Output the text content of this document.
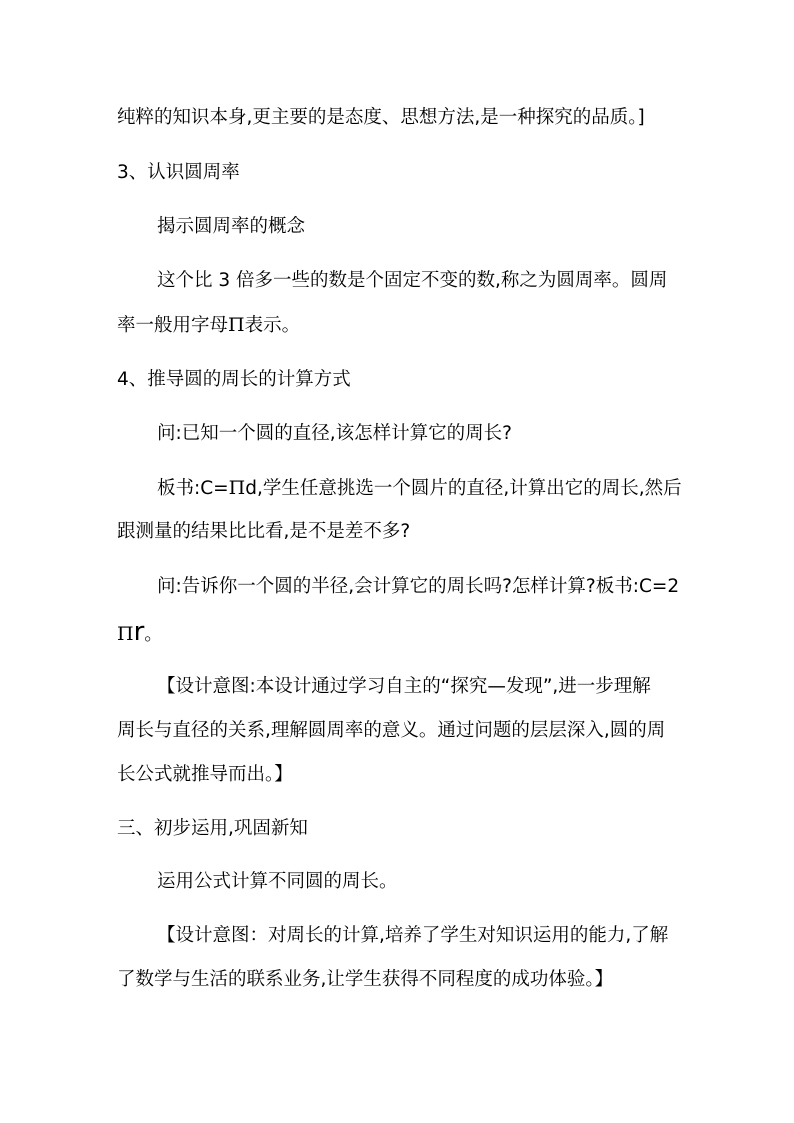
纯粹的知识本身,更主要的是态度、思想方法,是一种探究的品质。]
3、认识圆周率
揭示圆周率的概念
这个比 3 倍多一些的数是个固定不变的数,称之为圆周率。圆周
率一般用字母Π表示。
4、推导圆的周长的计算方式
问:已知一个圆的直径,该怎样计算它的周长?
板书:C=Πd,学生任意挑选一个圆片的直径,计算出它的周长,然后
跟测量的结果比比看,是不是差不多?
问:告诉你一个圆的半径,会计算它的周长吗?怎样计算?板书:C=2
Πr。
【设计意图:本设计通过学习自主的“探究—发现”,进一步理解
周长与直径的关系,理解圆周率的意义。通过问题的层层深入,圆的周
长公式就推导而出。】
三、初步运用,巩固新知
运用公式计算不同圆的周长。
【设计意图：对周长的计算,培养了学生对知识运用的能力,了解
了数学与生活的联系业务,让学生获得不同程度的成功体验。】
